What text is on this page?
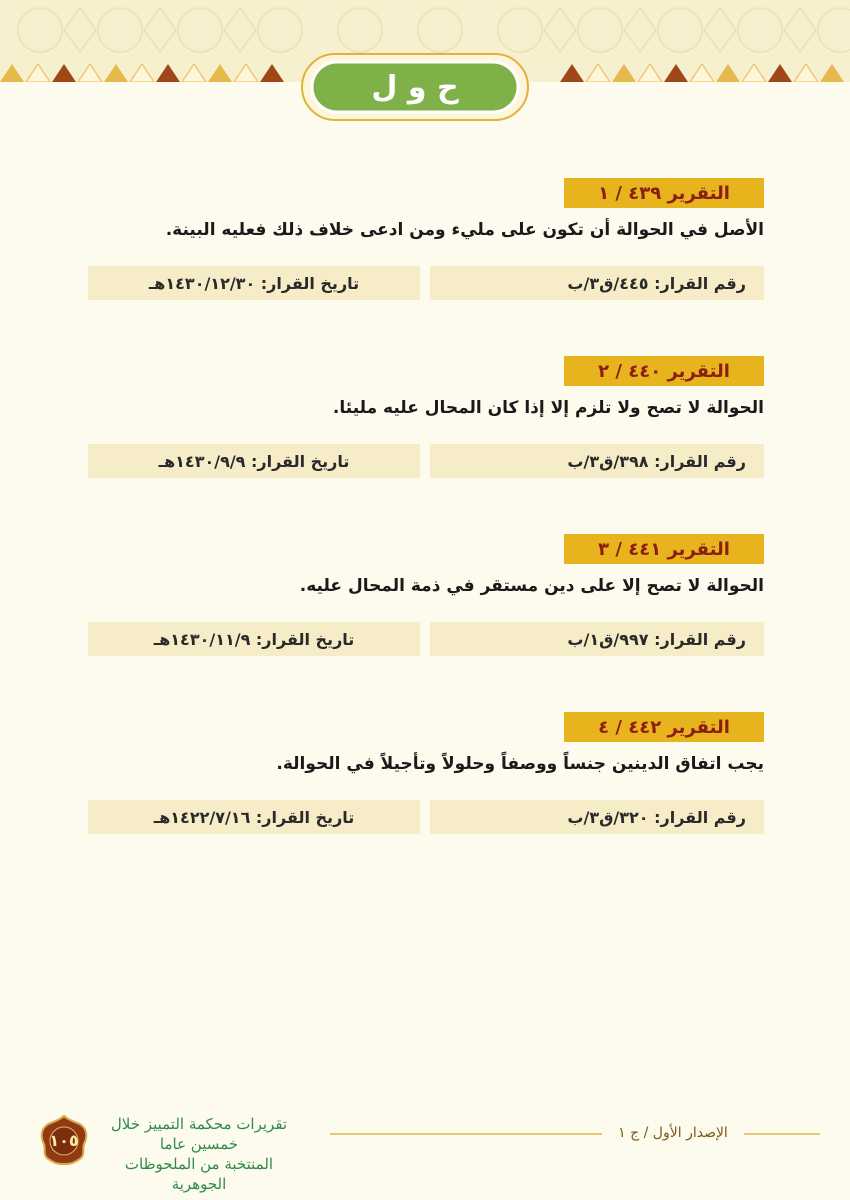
ح و ل
التقرير ٤٣٩ / ١
الأصل في الحوالة أن تكون على مليء ومن ادعى خلاف ذلك فعليه البينة.
رقم القرار: ٤٤٥/ق٣/ب
تاريخ القرار: ١٤٣٠/١٢/٣٠هـ
التقرير ٤٤٠ / ٢
الحوالة لا تصح ولا تلزم إلا إذا كان المحال عليه مليئا.
رقم القرار: ٣٩٨/ق٣/ب
تاريخ القرار: ١٤٣٠/٩/٩هـ
التقرير ٤٤١ / ٣
الحوالة لا تصح إلا على دين مستقر في ذمة المحال عليه.
رقم القرار: ٩٩٧/ق١/ب
تاريخ القرار: ١٤٣٠/١١/٩هـ
التقرير ٤٤٢ / ٤
يجب اتفاق الدينين جنساً ووصفاً وحلولاً وتأجيلاً في الحوالة.
رقم القرار: ٣٢٠/ق٣/ب
تاريخ القرار: ١٤٢٢/٧/١٦هـ
الإصدار الأول / ج ١
١٠٥
تقريرات محكمة التمييز خلال خمسين عاما
المنتخبة من الملحوظات الجوهرية
